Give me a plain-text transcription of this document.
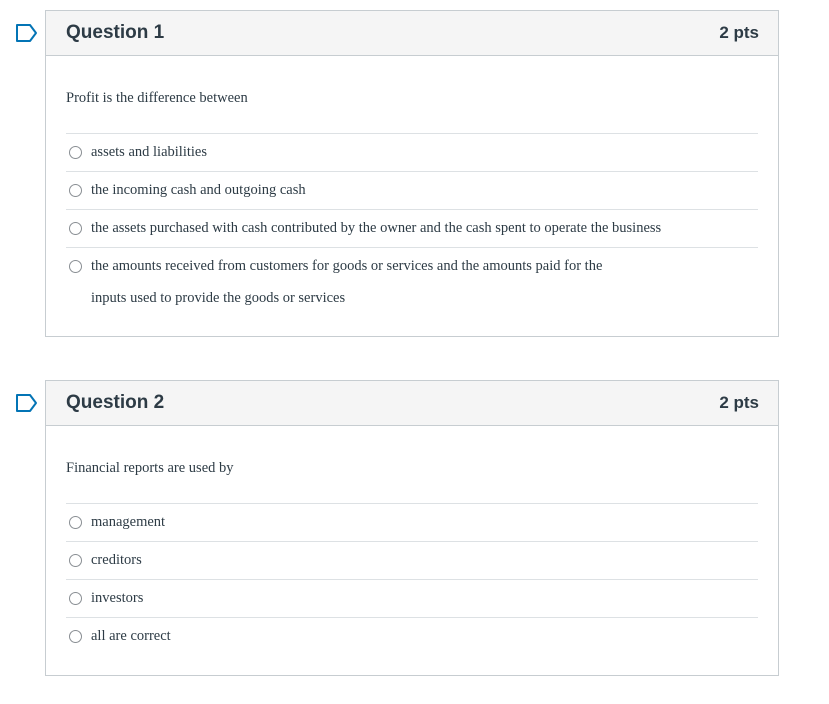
Question 1	2 pts
Profit is the difference between
assets and liabilities
the incoming cash and outgoing cash
the assets purchased with cash contributed by the owner and the cash spent to operate the business
the amounts received from customers for goods or services and the amounts paid for the inputs used to provide the goods or services
Question 2	2 pts
Financial reports are used by
management
creditors
investors
all are correct
